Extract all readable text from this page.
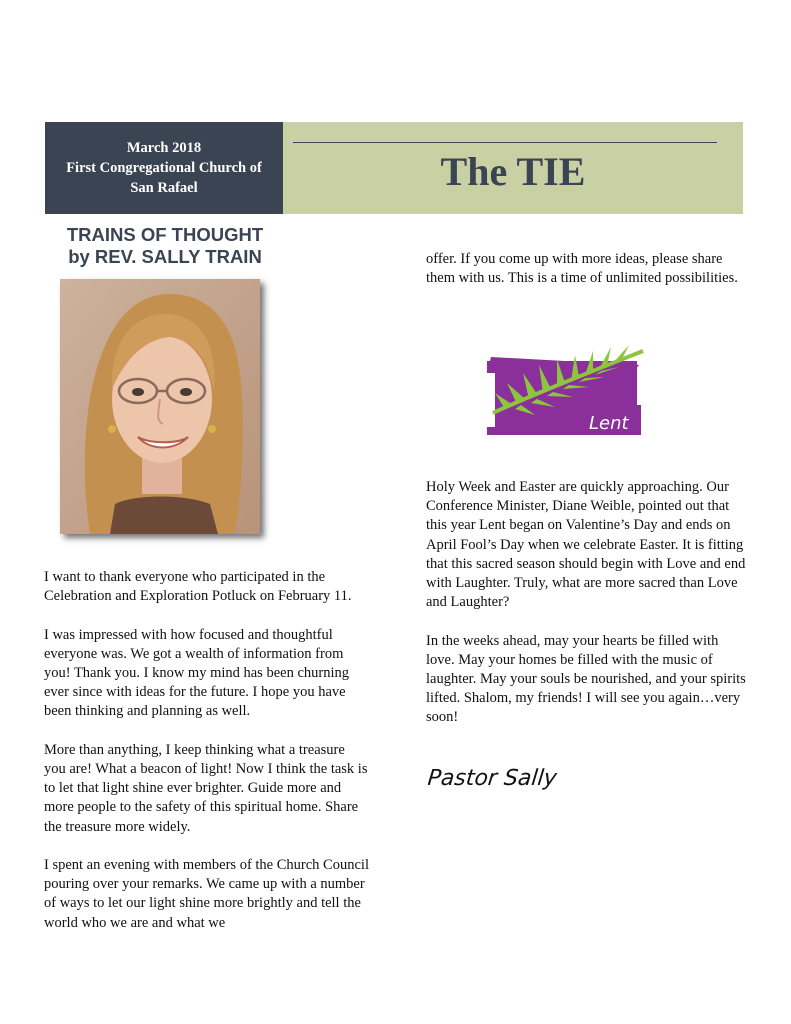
March 2018
First Congregational Church of
San Rafael	The TIE
TRAINS OF THOUGHT
by REV. SALLY TRAIN

I want to thank everyone who participated in the Celebration and Exploration Potluck on February 11.

I was impressed with how focused and thoughtful everyone was. We got a wealth of information from you! Thank you. I know my mind has been churning ever since with ideas for the future. I hope you have been thinking and planning as well.

More than anything, I keep thinking what a treasure you are! What a beacon of light! Now I think the task is to let that light shine ever brighter. Guide more and more people to the safety of this spiritual home. Share the treasure more widely.

I spent an evening with members of the Church Council pouring over your remarks. We came up with a number of ways to let our light shine more brightly and tell the world who we are and what we

offer. If you come up with more ideas, please share them with us. This is a time of unlimited possibilities.

Lent

Holy Week and Easter are quickly approaching. Our Conference Minister, Diane Weible, pointed out that this year Lent began on Valentine’s Day and ends on April Fool’s Day when we celebrate Easter. It is fitting that this sacred season should begin with Love and end with Laughter. Truly, what are more sacred than Love and Laughter?

In the weeks ahead, may your hearts be filled with love. May your homes be filled with the music of laughter. May your souls be nourished, and your spirits lifted. Shalom, my friends! I will see you again…very soon!

Pastor Sally
